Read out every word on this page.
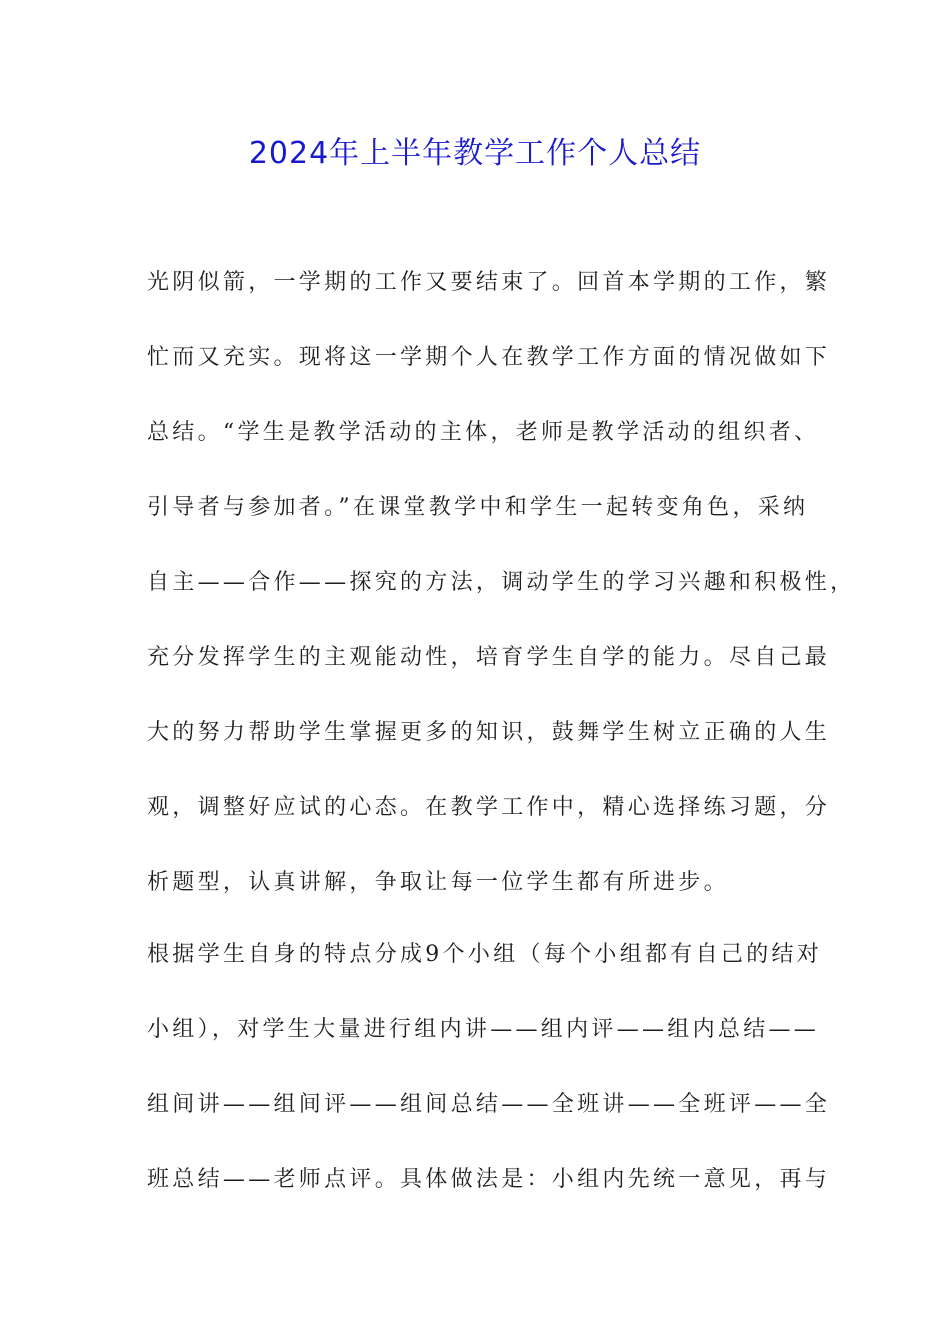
2024年上半年教学工作个人总结
光阴似箭，一学期的工作又要结束了。回首本学期的工作，繁
忙而又充实。现将这一学期个人在教学工作方面的情况做如下
总结。“学生是教学活动的主体，老师是教学活动的组织者、
引导者与参加者。”在课堂教学中和学生一起转变角色，采纳
自主——合作——探究的方法，调动学生的学习兴趣和积极性，
充分发挥学生的主观能动性，培育学生自学的能力。尽自己最
大的努力帮助学生掌握更多的知识，鼓舞学生树立正确的人生
观，调整好应试的心态。在教学工作中，精心选择练习题，分
析题型，认真讲解，争取让每一位学生都有所进步。
根据学生自身的特点分成9个小组（每个小组都有自己的结对
小组），对学生大量进行组内讲——组内评——组内总结——
组间讲——组间评——组间总结——全班讲——全班评——全
班总结——老师点评。具体做法是：小组内先统一意见，再与
